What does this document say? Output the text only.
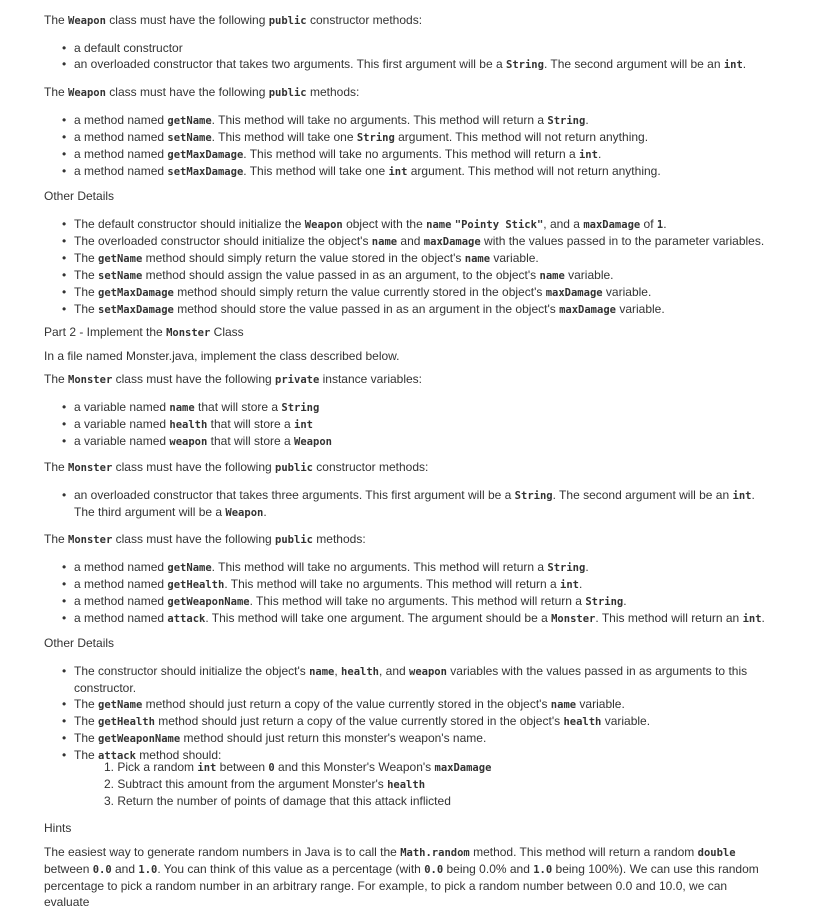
The Weapon class must have the following public constructor methods:
• a default constructor
• an overloaded constructor that takes two arguments. This first argument will be a String. The second argument will be an int.
The Weapon class must have the following public methods:
• a method named getName. This method will take no arguments. This method will return a String.
• a method named setName. This method will take one String argument. This method will not return anything.
• a method named getMaxDamage. This method will take no arguments. This method will return a int.
• a method named setMaxDamage. This method will take one int argument. This method will not return anything.
Other Details
• The default constructor should initialize the Weapon object with the name "Pointy Stick", and a maxDamage of 1.
• The overloaded constructor should initialize the object's name and maxDamage with the values passed in to the parameter variables.
• The getName method should simply return the value stored in the object's name variable.
• The setName method should assign the value passed in as an argument, to the object's name variable.
• The getMaxDamage method should simply return the value currently stored in the object's maxDamage variable.
• The setMaxDamage method should store the value passed in as an argument in the object's maxDamage variable.
Part 2 - Implement the Monster Class
In a file named Monster.java, implement the class described below.
The Monster class must have the following private instance variables:
• a variable named name that will store a String
• a variable named health that will store a int
• a variable named weapon that will store a Weapon
The Monster class must have the following public constructor methods:
• an overloaded constructor that takes three arguments. This first argument will be a String. The second argument will be an int. The third argument will be a Weapon.
The Monster class must have the following public methods:
• a method named getName. This method will take no arguments. This method will return a String.
• a method named getHealth. This method will take no arguments. This method will return a int.
• a method named getWeaponName. This method will take no arguments. This method will return a String.
• a method named attack. This method will take one argument. The argument should be a Monster. This method will return an int.
Other Details
• The constructor should initialize the object's name, health, and weapon variables with the values passed in as arguments to this constructor.
• The getName method should just return a copy of the value currently stored in the object's name variable.
• The getHealth method should just return a copy of the value currently stored in the object's health variable.
• The getWeaponName method should just return this monster's weapon's name.
• The attack method should:
1. Pick a random int between 0 and this Monster's Weapon's maxDamage
2. Subtract this amount from the argument Monster's health
3. Return the number of points of damage that this attack inflicted
Hints
The easiest way to generate random numbers in Java is to call the Math.random method. This method will return a random double between 0.0 and 1.0. You can think of this value as a percentage (with 0.0 being 0.0% and 1.0 being 100%). We can use this random percentage to pick a random number in an arbitrary range. For example, to pick a random number between 0.0 and 10.0, we can evaluate
